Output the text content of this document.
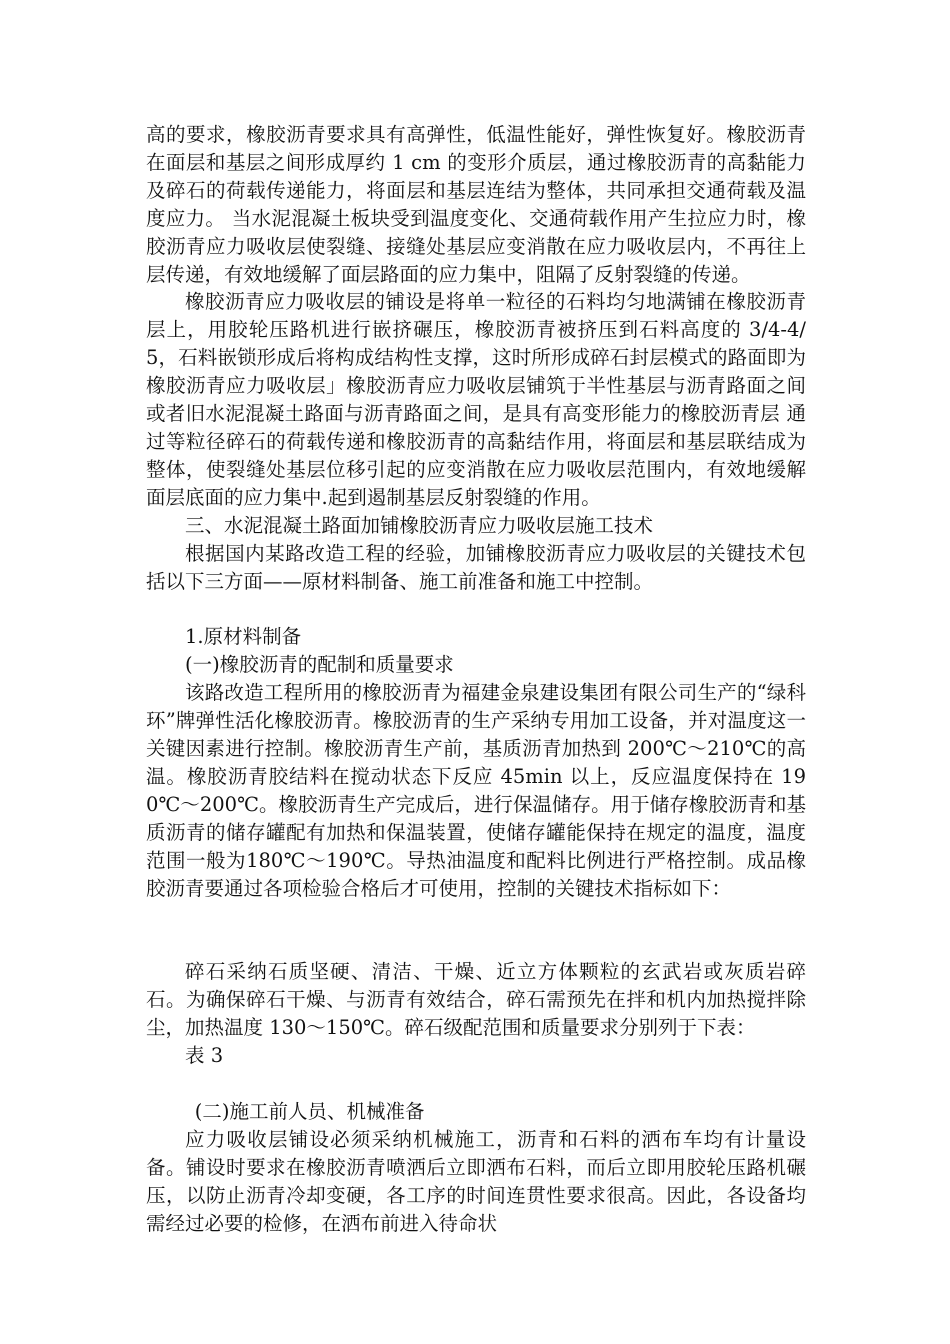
高的要求，橡胶沥青要求具有高弹性，低温性能好，弹性恢复好。橡胶沥青在面层和基层之间形成厚约 1 cm 的变形介质层，通过橡胶沥青的高黏能力及碎石的荷载传递能力，将面层和基层连结为整体，共同承担交通荷载及温度应力。 当水泥混凝土板块受到温度变化、交通荷载作用产生拉应力时，橡胶沥青应力吸收层使裂缝、接缝处基层应变消散在应力吸收层内，不再往上层传递，有效地缓解了面层路面的应力集中，阻隔了反射裂缝的传递。

橡胶沥青应力吸收层的铺设是将单一粒径的石料均匀地满铺在橡胶沥青层上，用胶轮压路机进行嵌挤碾压，橡胶沥青被挤压到石料高度的 3/4-4/5，石料嵌锁形成后将构成结构性支撑，这时所形成碎石封层模式的路面即为橡胶沥青应力吸收层」橡胶沥青应力吸收层铺筑于半性基层与沥青路面之间或者旧水泥混凝土路面与沥青路面之间，是具有高变形能力的橡胶沥青层 通过等粒径碎石的荷载传递和橡胶沥青的高黏结作用，将面层和基层联结成为整体，使裂缝处基层位移引起的应变消散在应力吸收层范围内，有效地缓解面层底面的应力集中.起到遏制基层反射裂缝的作用。

三、水泥混凝土路面加铺橡胶沥青应力吸收层施工技术

根据国内某路改造工程的经验，加铺橡胶沥青应力吸收层的关键技术包括以下三方面——原材料制备、施工前准备和施工中控制。

1.原材料制备

(一)橡胶沥青的配制和质量要求

该路改造工程所用的橡胶沥青为福建金泉建设集团有限公司生产的“绿科环”牌弹性活化橡胶沥青。橡胶沥青的生产采纳专用加工设备，并对温度这一关键因素进行控制。橡胶沥青生产前，基质沥青加热到 200℃～210℃的高温。橡胶沥青胶结料在搅动状态下反应 45min 以上，反应温度保持在 190℃～200℃。橡胶沥青生产完成后，进行保温储存。用于储存橡胶沥青和基质沥青的储存罐配有加热和保温装置，使储存罐能保持在规定的温度，温度范围一般为180℃～190℃。导热油温度和配料比例进行严格控制。成品橡胶沥青要通过各项检验合格后才可使用，控制的关键技术指标如下：

碎石采纳石质坚硬、清洁、干燥、近立方体颗粒的玄武岩或灰质岩碎石。为确保碎石干燥、与沥青有效结合，碎石需预先在拌和机内加热搅拌除尘，加热温度 130～150℃。碎石级配范围和质量要求分别列于下表：

表 3

(二)施工前人员、机械准备

应力吸收层铺设必须采纳机械施工，沥青和石料的洒布车均有计量设备。铺设时要求在橡胶沥青喷洒后立即洒布石料，而后立即用胶轮压路机碾压，以防止沥青冷却变硬，各工序的时间连贯性要求很高。因此，各设备均需经过必要的检修，在洒布前进入待命状
